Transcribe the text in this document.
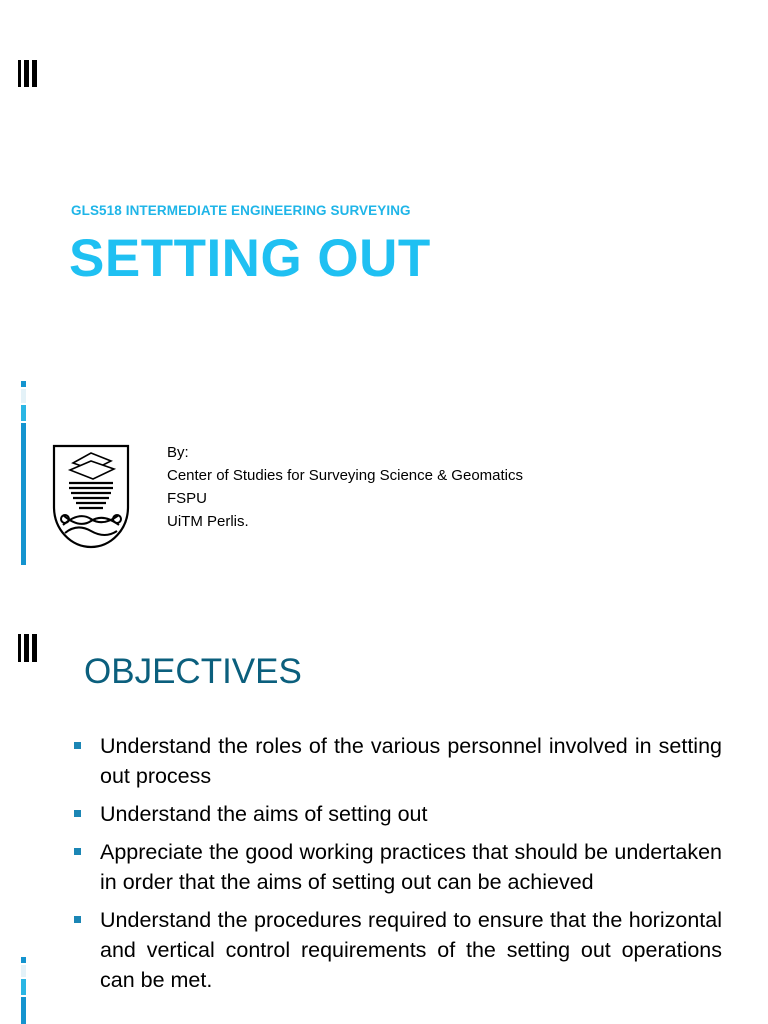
GLS518 INTERMEDIATE ENGINEERING SURVEYING
SETTING OUT
By:
Center of Studies for Surveying Science & Geomatics
FSPU
UiTM Perlis.
OBJECTIVES
Understand the roles of the various personnel involved in setting out process
Understand the aims of setting out
Appreciate the good working practices that should be undertaken in order that the aims of setting out can be achieved
Understand the procedures required to ensure that the horizontal and vertical control requirements of the setting out operations can be met.
